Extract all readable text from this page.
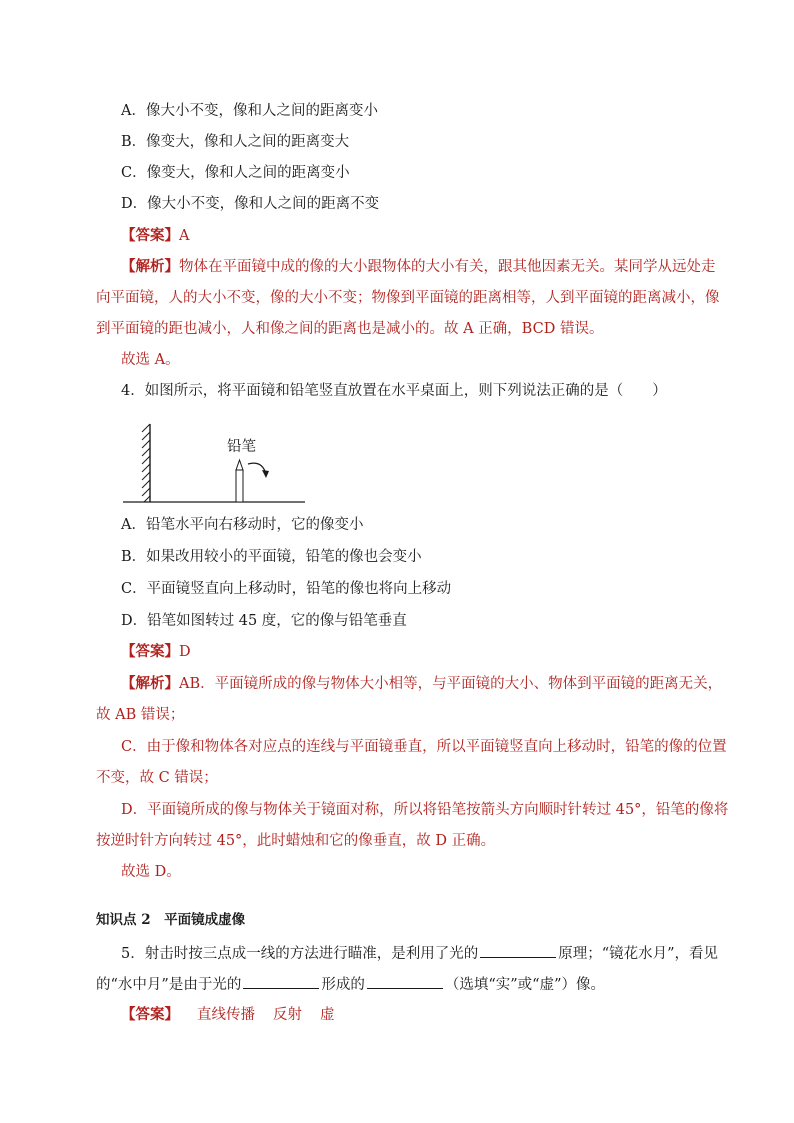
A．像大小不变，像和人之间的距离变小
B．像变大，像和人之间的距离变大
C．像变大，像和人之间的距离变小
D．像大小不变，像和人之间的距离不变
【答案】A
【解析】物体在平面镜中成的像的大小跟物体的大小有关，跟其他因素无关。某同学从远处走
向平面镜，人的大小不变，像的大小不变；物像到平面镜的距离相等，人到平面镜的距离减小，像
到平面镜的距也减小，人和像之间的距离也是减小的。故 A 正确，BCD 错误。
故选 A。
4．如图所示，将平面镜和铅笔竖直放置在水平桌面上，则下列说法正确的是（　　）
铅笔
A．铅笔水平向右移动时，它的像变小
B．如果改用较小的平面镜，铅笔的像也会变小
C．平面镜竖直向上移动时，铅笔的像也将向上移动
D．铅笔如图转过 45 度，它的像与铅笔垂直
【答案】D
【解析】AB．平面镜所成的像与物体大小相等，与平面镜的大小、物体到平面镜的距离无关，
故 AB 错误；
C．由于像和物体各对应点的连线与平面镜垂直，所以平面镜竖直向上移动时，铅笔的像的位置
不变，故 C 错误；
D．平面镜所成的像与物体关于镜面对称，所以将铅笔按箭头方向顺时针转过 45°，铅笔的像将
按逆时针方向转过 45°，此时蜡烛和它的像垂直，故 D 正确。
故选 D。
知识点 2　平面镜成虚像
5．射击时按三点成一线的方法进行瞄准，是利用了光的	原理；“镜花水月”，看见
的“水中月”是由于光的	形成的	（选填“实”或“虚”）像。
【答案】 直线传播 反射 虚
